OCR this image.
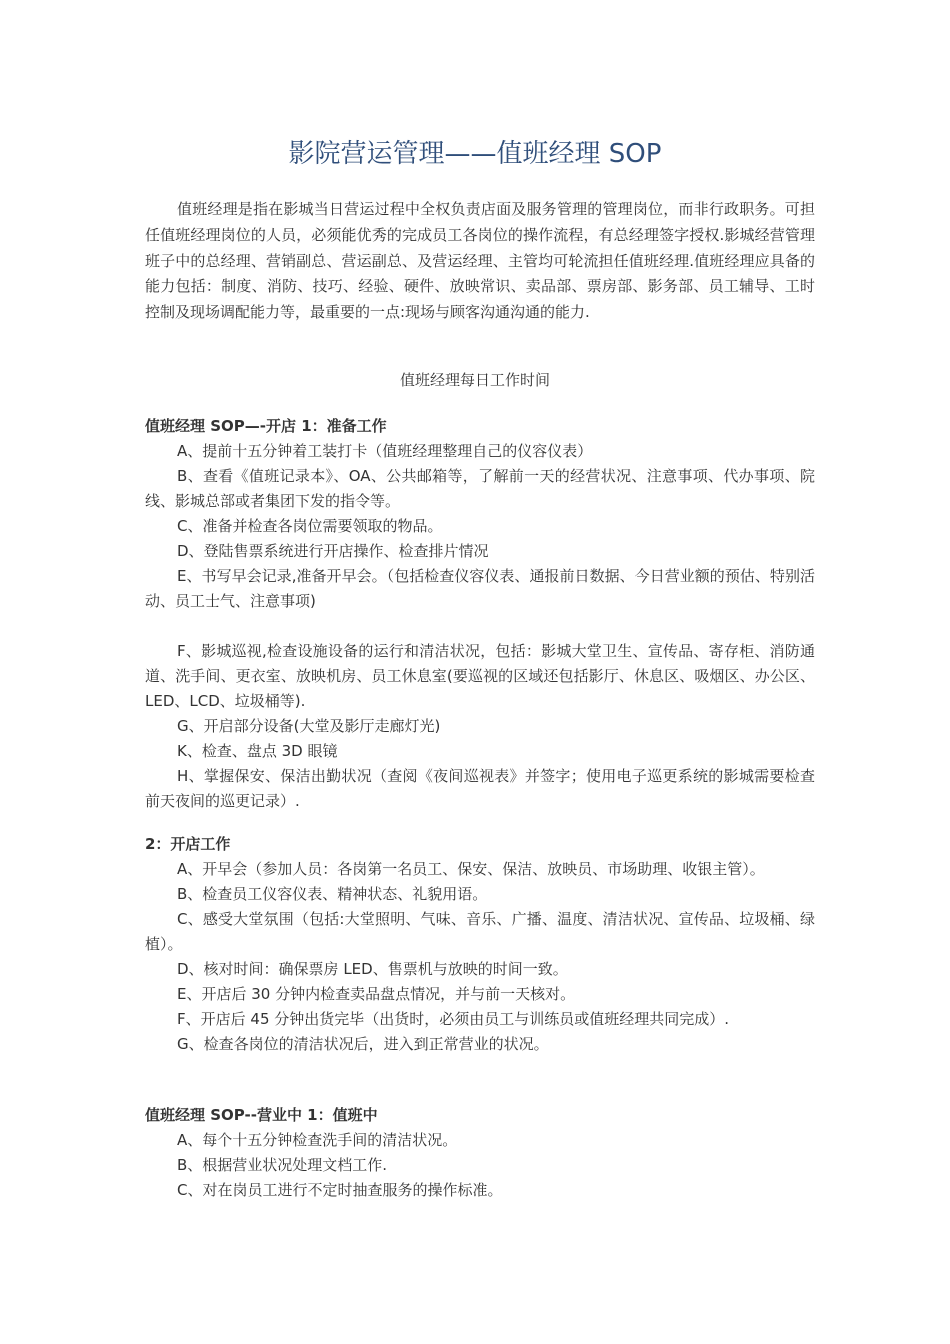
影院营运管理——值班经理 SOP

值班经理是指在影城当日营运过程中全权负责店面及服务管理的管理岗位，而非行政职务。可担任值班经理岗位的人员，必须能优秀的完成员工各岗位的操作流程，有总经理签字授权.影城经营管理班子中的总经理、营销副总、营运副总、及营运经理、主管均可轮流担任值班经理.值班经理应具备的能力包括：制度、消防、技巧、经验、硬件、放映常识、卖品部、票房部、影务部、员工辅导、工时控制及现场调配能力等，最重要的一点:现场与顾客沟通沟通的能力.

值班经理每日工作时间

值班经理 SOP—-开店 1：准备工作

A、提前十五分钟着工装打卡（值班经理整理自己的仪容仪表）

B、查看《值班记录本》、OA、公共邮箱等，了解前一天的经营状况、注意事项、代办事项、院线、影城总部或者集团下发的指令等。

C、准备并检查各岗位需要领取的物品。

D、登陆售票系统进行开店操作、检查排片情况

E、书写早会记录,准备开早会。（包括检查仪容仪表、通报前日数据、今日营业额的预估、特别活动、员工士气、注意事项)

F、影城巡视,检查设施设备的运行和清洁状况，包括：影城大堂卫生、宣传品、寄存柜、消防通道、洗手间、更衣室、放映机房、员工休息室(要巡视的区域还包括影厅、休息区、吸烟区、办公区、LED、LCD、垃圾桶等).

G、开启部分设备(大堂及影厅走廊灯光)

K、检查、盘点 3D 眼镜

H、掌握保安、保洁出勤状况（查阅《夜间巡视表》并签字；使用电子巡更系统的影城需要检查前天夜间的巡更记录）.

2：开店工作

A、开早会（参加人员：各岗第一名员工、保安、保洁、放映员、市场助理、收银主管）。

B、检查员工仪容仪表、精神状态、礼貌用语。

C、感受大堂氛围（包括:大堂照明、气味、音乐、广播、温度、清洁状况、宣传品、垃圾桶、绿植）。

D、核对时间：确保票房 LED、售票机与放映的时间一致。

E、开店后 30 分钟内检查卖品盘点情况，并与前一天核对。

F、开店后 45 分钟出货完毕（出货时，必须由员工与训练员或值班经理共同完成）.

G、检查各岗位的清洁状况后，进入到正常营业的状况。

值班经理 SOP--营业中 1：值班中

A、每个十五分钟检查洗手间的清洁状况。

B、根据营业状况处理文档工作.

C、对在岗员工进行不定时抽查服务的操作标准。
